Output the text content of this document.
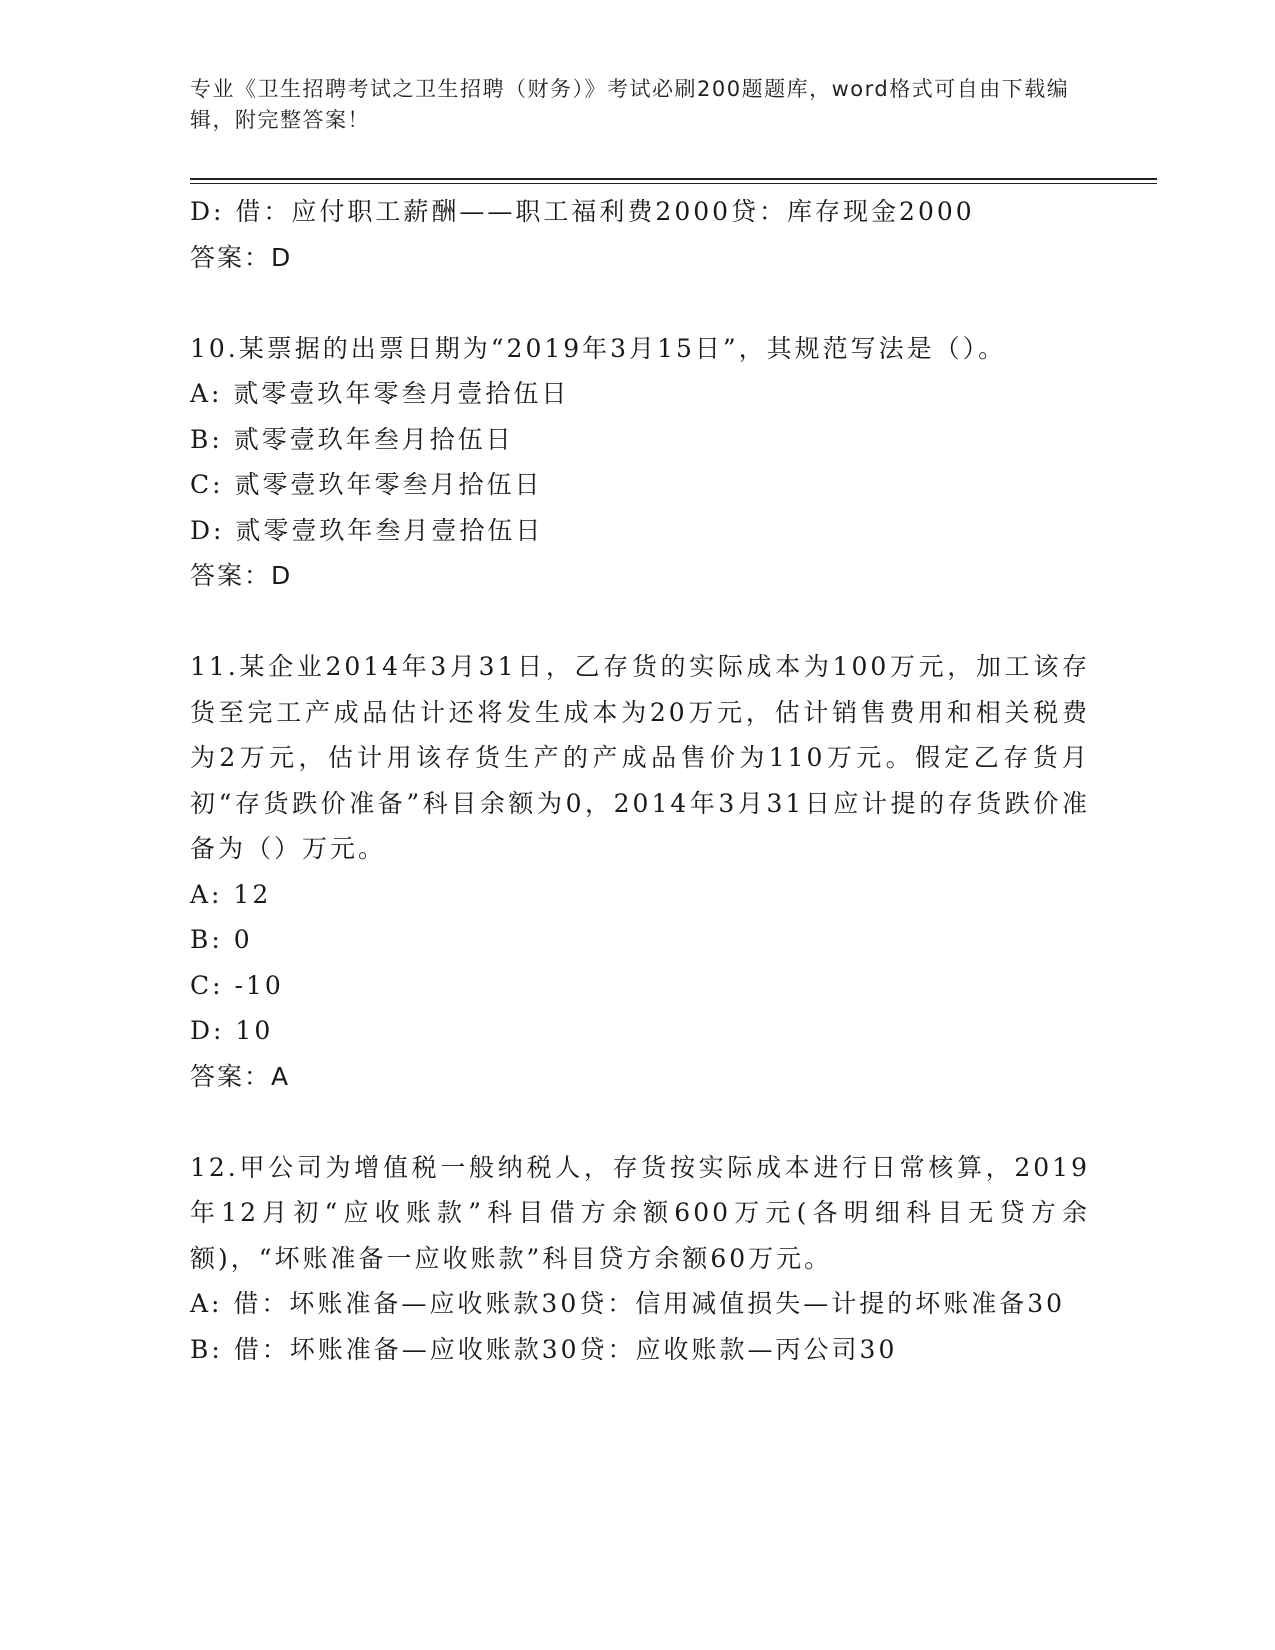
专业《卫生招聘考试之卫生招聘（财务）》考试必刷200题题库，word格式可自由下载编辑，附完整答案！

D: 借：应付职工薪酬——职工福利费2000贷：库存现金2000

答案：D

10.某票据的出票日期为“2019年3月15日”，其规范写法是（）。

A: 贰零壹玖年零叁月壹拾伍日

B: 贰零壹玖年叁月拾伍日

C: 贰零壹玖年零叁月拾伍日

D: 贰零壹玖年叁月壹拾伍日

答案：D

11.某企业2014年3月31日，乙存货的实际成本为100万元，加工该存货至完工产成品估计还将发生成本为20万元，估计销售费用和相关税费为2万元，估计用该存货生产的产成品售价为110万元。假定乙存货月初“存货跌价准备”科目余额为0，2014年3月31日应计提的存货跌价准备为（）万元。

A: 12

B: 0

C: -10

D: 10

答案：A

12.甲公司为增值税一般纳税人，存货按实际成本进行日常核算，2019年12月初“应收账款”科目借方余额600万元(各明细科目无贷方余额)，“坏账准备一应收账款”科目贷方余额60万元。

A: 借：坏账准备—应收账款30贷：信用减值损失—计提的坏账准备30

B: 借：坏账准备—应收账款30贷：应收账款—丙公司30
